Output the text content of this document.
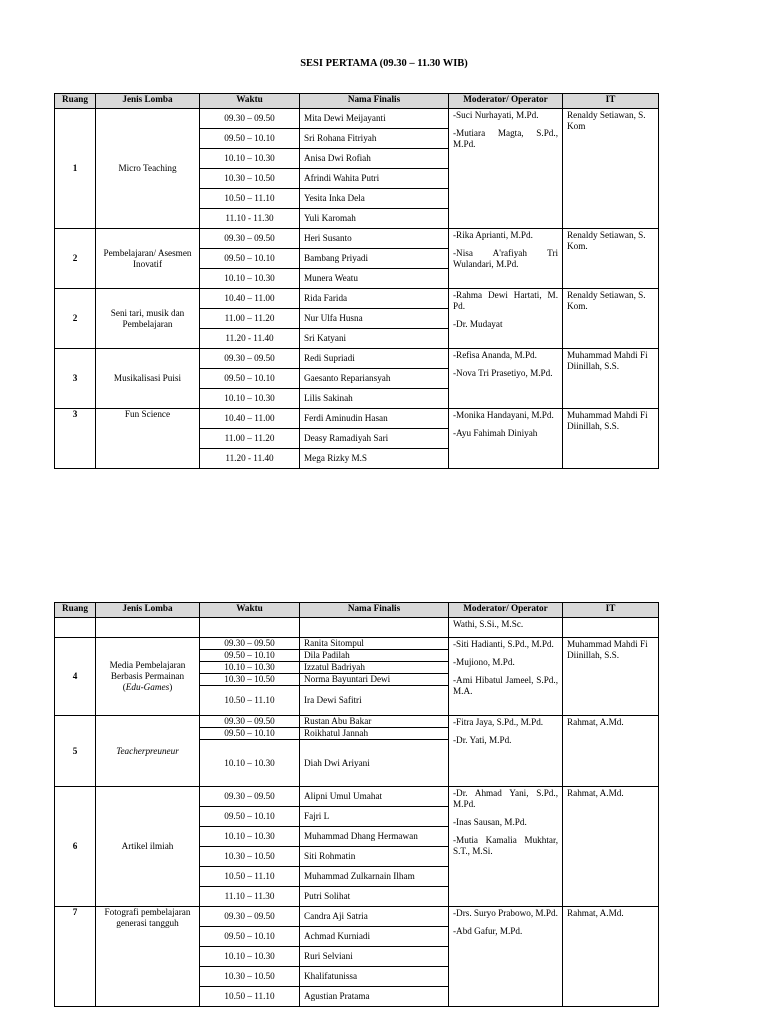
SESI PERTAMA (09.30 – 11.30 WIB)
Ruang	Jenis Lomba	Waktu	Nama Finalis	Moderator/ Operator	IT
1	Micro Teaching	09.30 – 09.50	Mita Dewi Meijayanti	-Suci Nurhayati, M.Pd.
-Mutiara Magta, S.Pd., M.Pd.	Renaldy Setiawan, S. Kom
		09.50 – 10.10	Sri Rohana Fitriyah		
		10.10 – 10.30	Anisa Dwi Rofiah		
		10.30 – 10.50	Afrindi Wahita Putri		
		10.50 – 11.10	Yesita Inka Dela		
		11.10 - 11.30	Yuli Karomah		
2	Pembelajaran/ Asesmen Inovatif	09.30 – 09.50	Heri Susanto	-Rika Aprianti, M.Pd.
-Nisa A'rafiyah Tri Wulandari, M.Pd.	Renaldy Setiawan, S. Kom.
		09.50 – 10.10	Bambang Priyadi		
		10.10 – 10.30	Munera Weatu		
2	Seni tari, musik dan Pembelajaran	10.40 – 11.00	Rida Farida	-Rahma Dewi Hartati, M. Pd.
-Dr. Mudayat	Renaldy Setiawan, S. Kom.
		11.00 – 11.20	Nur Ulfa Husna		
		11.20 - 11.40	Sri Katyani		
3	Musikalisasi Puisi	09.30 – 09.50	Redi Supriadi	-Refisa Ananda, M.Pd.
-Nova Tri Prasetiyo, M.Pd.	Muhammad Mahdi Fi Diinillah, S.S.
		09.50 – 10.10	Gaesanto Repariansyah		
		10.10 – 10.30	Lilis Sakinah		
3	Fun Science	10.40 – 11.00	Ferdi Aminudin Hasan	-Monika Handayani, M.Pd.
-Ayu Fahimah Diniyah	Muhammad Mahdi Fi Diinillah, S.S.
		11.00 – 11.20	Deasy Ramadiyah Sari		
		11.20 - 11.40	Mega Rizky M.S		
Ruang	Jenis Lomba	Waktu	Nama Finalis	Moderator/ Operator	IT
				Wathi, S.Si., M.Sc.	
4	Media Pembelajaran
Berbasis Permainan
(Edu-Games)	09.30 – 09.50	Ranita Sitompul	-Siti Hadianti, S.Pd., M.Pd.
-Mujiono, M.Pd.
-Ami Hibatul Jameel, S.Pd., M.A.	Muhammad Mahdi Fi Diinillah, S.S.
		09.50 – 10.10	Dila Padilah		
		10.10 – 10.30	Izzatul Badriyah		
		10.30 – 10.50	Norma Bayuntari Dewi		
		10.50 – 11.10	Ira Dewi Safitri		
5	Teacherpreuneur	09.30 – 09.50	Rustan Abu Bakar	-Fitra Jaya, S.Pd., M.Pd.
-Dr. Yati, M.Pd.	Rahmat, A.Md.
		09.50 – 10.10	Roikhatul Jannah		
		10.10 – 10.30	Diah Dwi Ariyani		
6	Artikel ilmiah	09.30 – 09.50	Alipni Umul Umahat	-Dr. Ahmad Yani, S.Pd., M.Pd.
-Inas Sausan, M.Pd.
-Mutia Kamalia Mukhtar, S.T., M.Si.	Rahmat, A.Md.
		09.50 – 10.10	Fajri L		
		10.10 – 10.30	Muhammad Dhang Hermawan		
		10.30 – 10.50	Siti Rohmatin		
		10.50 – 11.10	Muhammad Zulkarnain Ilham		
		11.10 – 11.30	Putri Solihat		
7	Fotografi pembelajaran generasi tangguh	09.30 – 09.50	Candra Aji Satria	-Drs. Suryo Prabowo, M.Pd.
-Abd Gafur, M.Pd.	Rahmat, A.Md.
		09.50 – 10.10	Achmad Kurniadi		
		10.10 – 10.30	Ruri Selviani		
		10.30 – 10.50	Khalifatunissa		
		10.50 – 11.10	Agustian Pratama		
